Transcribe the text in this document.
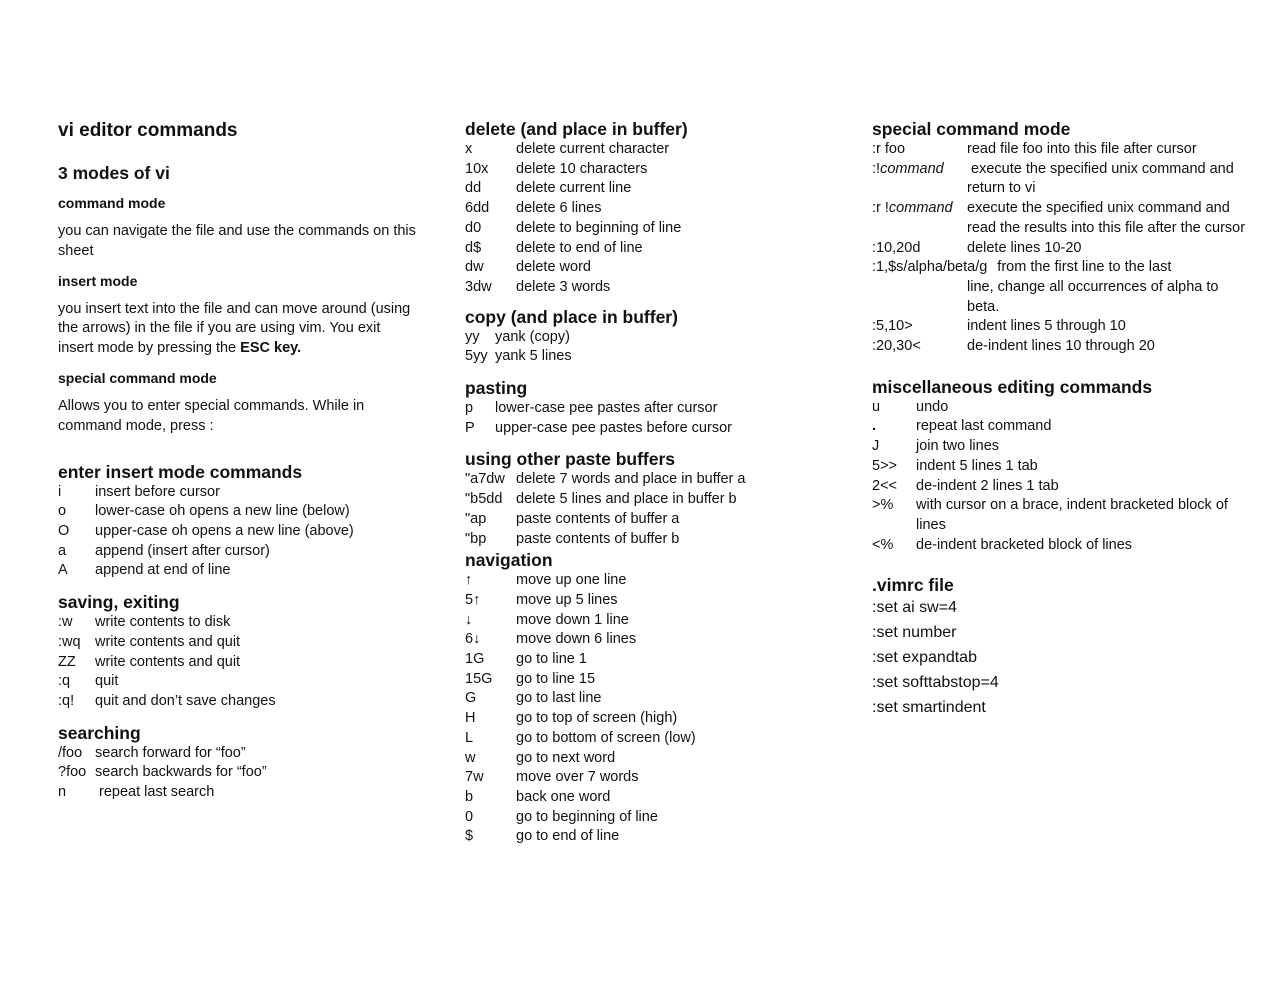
vi editor commands
3 modes of vi
command mode
you can navigate the file and use the commands on this sheet
insert mode
you insert text into the file and can move around (using the arrows) in the file if you are using vim. You exit insert mode by pressing the ESC key.
special command mode
Allows you to enter special commands. While in command mode, press :
enter insert mode commands
i	insert before cursor
o	lower-case oh opens a new line (below)
O	upper-case oh opens a new line (above)
a	append (insert after cursor)
A	append at end of line
saving, exiting
:w	write contents to disk
:wq write contents and quit
ZZ	write contents and quit
:q	quit
:q!	quit and don’t save changes
searching
/foo search forward for “foo”
?foo search backwards for “foo”
n	repeat last search
delete (and place in buffer)
x	delete current character
10x	delete 10 characters
dd	delete current line
6dd	delete 6 lines
d0	delete to beginning of line
d$	delete to end of line
dw	delete word
3dw	delete 3 words
copy (and place in buffer)
yy	yank (copy)
5yy yank 5 lines
pasting
p	lower-case pee pastes after cursor
P	upper-case pee pastes before cursor
using other paste buffers
"a7dw delete 7 words and place in buffer a
"b5dd delete 5 lines and place in buffer b
"ap	paste contents of buffer a
"bp	paste contents of buffer b
navigation
↑	move up one line
5↑	move up 5 lines
↓	move down 1 line
6↓	move down 6 lines
1G	go to line 1
15G	go to line 15
G	go to last line
H	go to top of screen (high)
L	go to bottom of screen (low)
w	go to next word
7w	move over 7 words
b	back one word
0	go to beginning of line
$	go to end of line
special command mode
:r foo	read file foo into this file after cursor
:!command	execute the specified unix command and return to vi
:r !command execute the specified unix command and read the results into this file after the cursor
:10,20d	delete lines 10-20
:1,$s/alpha/beta/g from the first line to the last
line, change all occurrences of alpha to beta.
:5,10>	indent lines 5 through 10
:20,30<	de-indent lines 10 through 20
miscellaneous editing commands
u	undo
.	repeat last command
J	join two lines
5>>	indent 5 lines 1 tab
2<<	de-indent 2 lines 1 tab
>%	with cursor on a brace, indent bracketed block of lines
<%	de-indent bracketed block of lines
.vimrc file
:set ai sw=4
:set number
:set expandtab
:set softtabstop=4
:set smartindent
